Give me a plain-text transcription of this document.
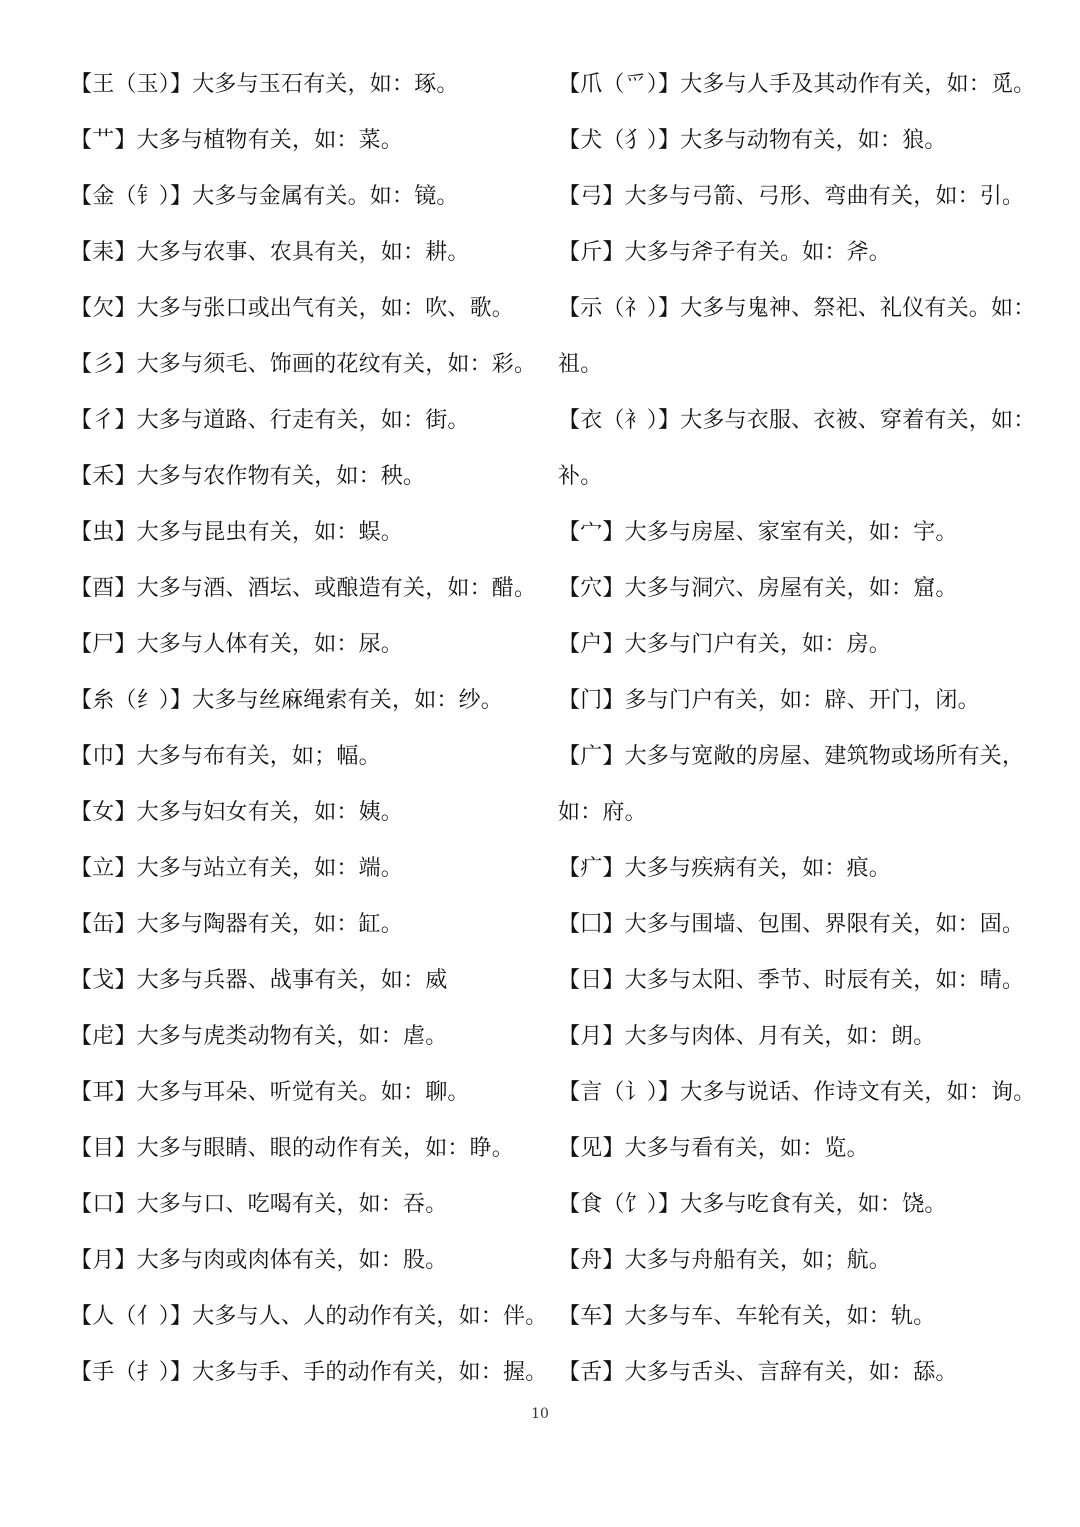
【王（玉）】大多与玉石有关，如：琢。
【艹】大多与植物有关，如：菜。
【金（钅）】大多与金属有关。如：镜。
【耒】大多与农事、农具有关，如：耕。
【欠】大多与张口或出气有关，如：吹、歌。
【彡】大多与须毛、饰画的花纹有关，如：彩。
【彳】大多与道路、行走有关，如：街。
【禾】大多与农作物有关，如：秧。
【虫】大多与昆虫有关，如：蜈。
【酉】大多与酒、酒坛、或酿造有关，如：醋。
【尸】大多与人体有关，如：尿。
【糸（纟）】大多与丝麻绳索有关，如：纱。
【巾】大多与布有关，如；幅。
【女】大多与妇女有关，如：姨。
【立】大多与站立有关，如：端。
【缶】大多与陶器有关，如：缸。
【戈】大多与兵器、战事有关，如：威
【虍】大多与虎类动物有关，如：虐。
【耳】大多与耳朵、听觉有关。如：聊。
【目】大多与眼睛、眼的动作有关，如：睁。
【口】大多与口、吃喝有关，如：吞。
【月】大多与肉或肉体有关，如：股。
【人（亻）】大多与人、人的动作有关，如：伴。
【手（扌）】大多与手、手的动作有关，如：握。
【爪（爫）】大多与人手及其动作有关，如：觅。
【犬（犭）】大多与动物有关，如：狼。
【弓】大多与弓箭、弓形、弯曲有关，如：引。
【斤】大多与斧子有关。如：斧。
【示（礻）】大多与鬼神、祭祀、礼仪有关。如：
祖。
【衣（衤）】大多与衣服、衣被、穿着有关，如：
补。
【宀】大多与房屋、家室有关，如：宇。
【穴】大多与洞穴、房屋有关，如：窟。
【户】大多与门户有关，如：房。
【门】多与门户有关，如：辟、开门，闭。
【广】大多与宽敞的房屋、建筑物或场所有关，
如：府。
【疒】大多与疾病有关，如：痕。
【囗】大多与围墙、包围、界限有关，如：固。
【日】大多与太阳、季节、时辰有关，如：晴。
【月】大多与肉体、月有关，如：朗。
【言（讠）】大多与说话、作诗文有关，如：询。
【见】大多与看有关，如：览。
【食（饣）】大多与吃食有关，如：饶。
【舟】大多与舟船有关，如；航。
【车】大多与车、车轮有关，如：轨。
【舌】大多与舌头、言辞有关，如：舔。
10
